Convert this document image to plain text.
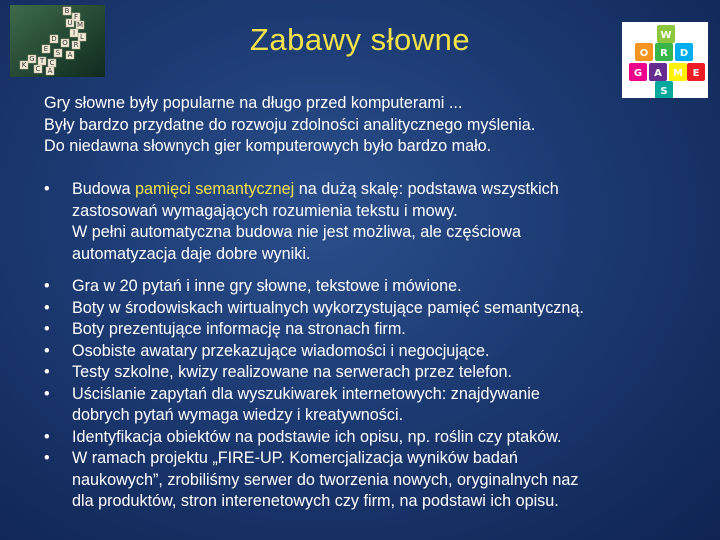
B
F
U M
I L
D O R
E S A
G T C
K C A
W
O R D
G A M E
S
Zabawy słowne
Gry słowne były popularne na długo przed komputerami ...
Były bardzo przydatne do rozwoju zdolności analitycznego myślenia.
Do niedawna słownych gier komputerowych było bardzo mało.
• Budowa pamięci semantycznej na dużą skalę: podstawa wszystkich
zastosowań wymagających rozumienia tekstu i mowy.
W pełni automatyczna budowa nie jest możliwa, ale częściowa
automatyzacja daje dobre wyniki.
• Gra w 20 pytań i inne gry słowne, tekstowe i mówione.
• Boty w środowiskach wirtualnych wykorzystujące pamięć semantyczną.
• Boty prezentujące informację na stronach firm.
• Osobiste awatary przekazujące wiadomości i negocjujące.
• Testy szkolne, kwizy realizowane na serwerach przez telefon.
• Uściślanie zapytań dla wyszukiwarek internetowych: znajdywanie
dobrych pytań wymaga wiedzy i kreatywności.
• Identyfikacja obiektów na podstawie ich opisu, np. roślin czy ptaków.
• W ramach projektu „FIRE-UP. Komercjalizacja wyników badań
naukowych”, zrobiliśmy serwer do tworzenia nowych, oryginalnych naz
dla produktów, stron interenetowych czy firm, na podstawi ich opisu.
